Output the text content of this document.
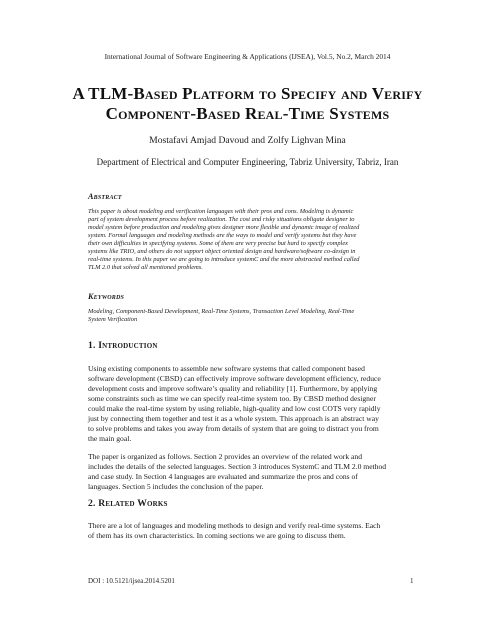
International Journal of Software Engineering & Applications (IJSEA), Vol.5, No.2, March 2014
A TLM-Based Platform to Specify and Verify
Component-Based Real-Time Systems
Mostafavi Amjad Davoud and Zolfy Lighvan Mina
Department of Electrical and Computer Engineering, Tabriz University, Tabriz, Iran
Abstract
This paper is about modeling and verification languages with their pros and cons. Modeling is dynamic
part of system development process before realization. The cost and risky situations obligate designer to
model system before production and modeling gives designer more flexible and dynamic image of realized
system. Formal languages and modeling methods are the ways to model and verify systems but they have
their own difficulties in specifying systems. Some of them are very precise but hard to specify complex
systems like TRIO, and others do not support object oriented design and hardware/software co-design in
real-time systems. In this paper we are going to introduce systemC and the more abstracted method called
TLM 2.0 that solved all mentioned problems.
Keywords
Modeling, Component-Based Development, Real-Time Systems, Transaction Level Modeling, Real-Time
System Verification
1. Introduction
Using existing components to assemble new software systems that called component based
software development (CBSD) can effectively improve software development efficiency, reduce
development costs and improve software’s quality and reliability [1]. Furthermore, by applying
some constraints such as time we can specify real-time system too. By CBSD method designer
could make the real-time system by using reliable, high-quality and low cost COTS very rapidly
just by connecting them together and test it as a whole system. This approach is an abstract way
to solve problems and takes you away from details of system that are going to distract you from
the main goal.
The paper is organized as follows. Section 2 provides an overview of the related work and
includes the details of the selected languages. Section 3 introduces SystemC and TLM 2.0 method
and case study. In Section 4 languages are evaluated and summarize the pros and cons of
languages. Section 5 includes the conclusion of the paper.
2. Related Works
There are a lot of languages and modeling methods to design and verify real-time systems. Each
of them has its own characteristics. In coming sections we are going to discuss them.
DOI : 10.5121/ijsea.2014.5201	1
